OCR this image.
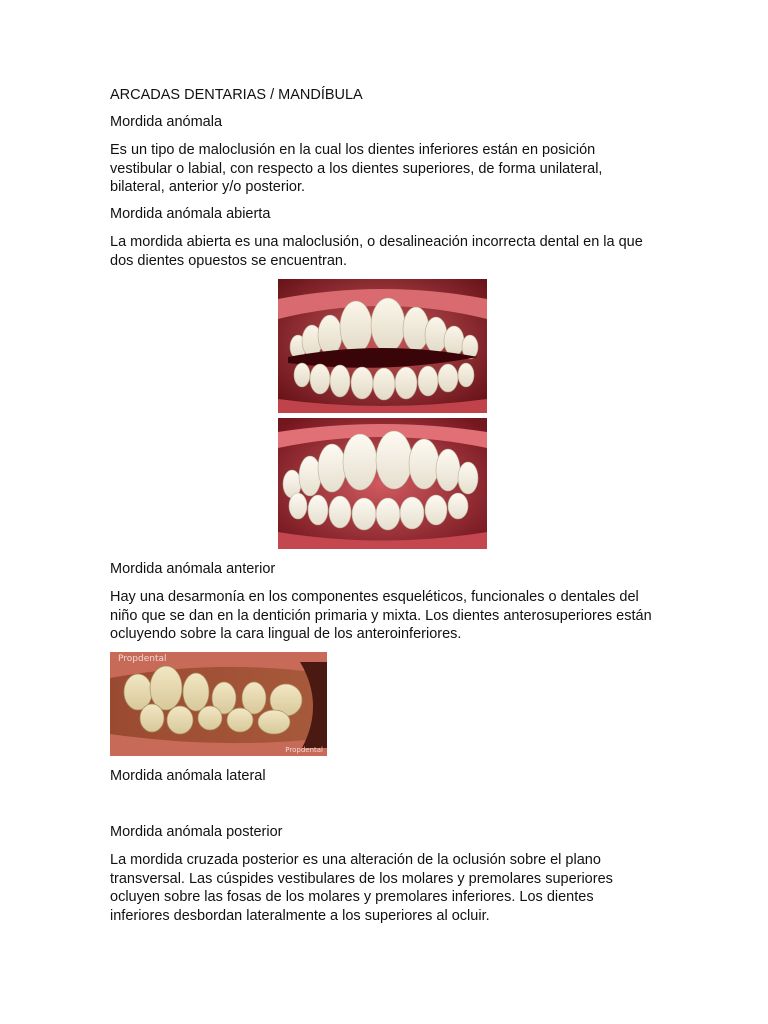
ARCADAS DENTARIAS / MANDÍBULA
Mordida anómala
Es un tipo de maloclusión en la cual los dientes inferiores están en posición vestibular o labial, con respecto a los dientes superiores, de forma unilateral, bilateral, anterior y/o posterior.
Mordida anómala abierta
La mordida abierta es una maloclusión, o desalineación incorrecta dental en la que dos dientes opuestos se encuentran.
Mordida anómala anterior
Hay una desarmonía en los componentes esqueléticos, funcionales o dentales del niño que se dan en la dentición primaria y mixta. Los dientes anterosuperiores están ocluyendo sobre la cara lingual de los anteroinferiores.
Propdental
Propdental
Mordida anómala lateral
Mordida anómala posterior
La mordida cruzada posterior es una alteración de la oclusión sobre el plano transversal. Las cúspides vestibulares de los molares y premolares superiores ocluyen sobre las fosas de los molares y premolares inferiores. Los dientes inferiores desbordan lateralmente a los superiores al ocluir.
